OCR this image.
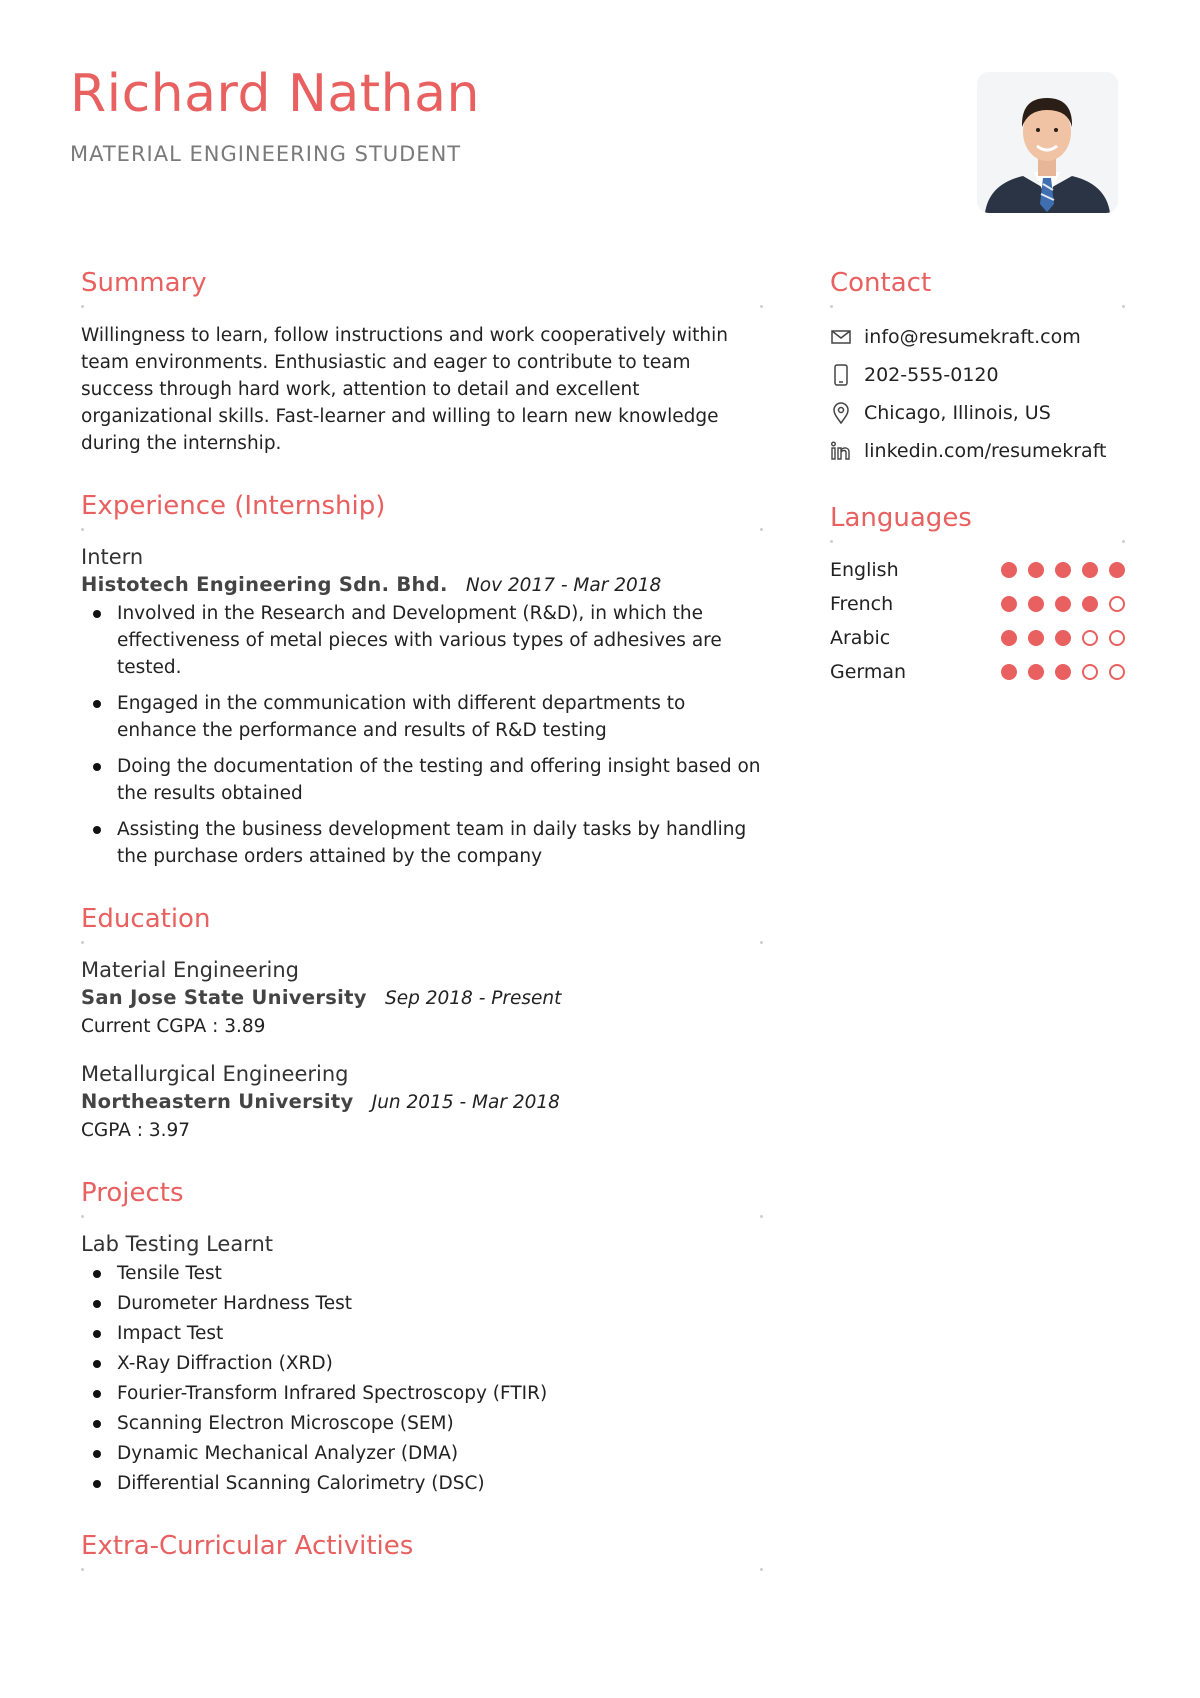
Richard Nathan
MATERIAL ENGINEERING STUDENT
Summary

Willingness to learn, follow instructions and work cooperatively within team environments. Enthusiastic and eager to contribute to team success through hard work, attention to detail and excellent organizational skills. Fast-learner and willing to learn new knowledge during the internship.

Experience (Internship)
Intern
Histotech Engineering Sdn. Bhd. Nov 2017 - Mar 2018
Involved in the Research and Development (R&D), in which the effectiveness of metal pieces with various types of adhesives are tested.
Engaged in the communication with different departments to enhance the performance and results of R&D testing
Doing the documentation of the testing and offering insight based on the results obtained
Assisting the business development team in daily tasks by handling the purchase orders attained by the company
Education
Material Engineering
San Jose State University Sep 2018 - Present
Current CGPA : 3.89
Metallurgical Engineering
Northeastern University Jun 2015 - Mar 2018
CGPA : 3.97
Projects
Lab Testing Learnt
Tensile Test
Durometer Hardness Test
Impact Test
X-Ray Diffraction (XRD)
Fourier-Transform Infrared Spectroscopy (FTIR)
Scanning Electron Microscope (SEM)
Dynamic Mechanical Analyzer (DMA)
Differential Scanning Calorimetry (DSC)
Extra-Curricular Activities
Contact
info@resumekraft.com
202-555-0120
Chicago, Illinois, US
linkedin.com/resumekraft
Languages
English
French
Arabic
German
